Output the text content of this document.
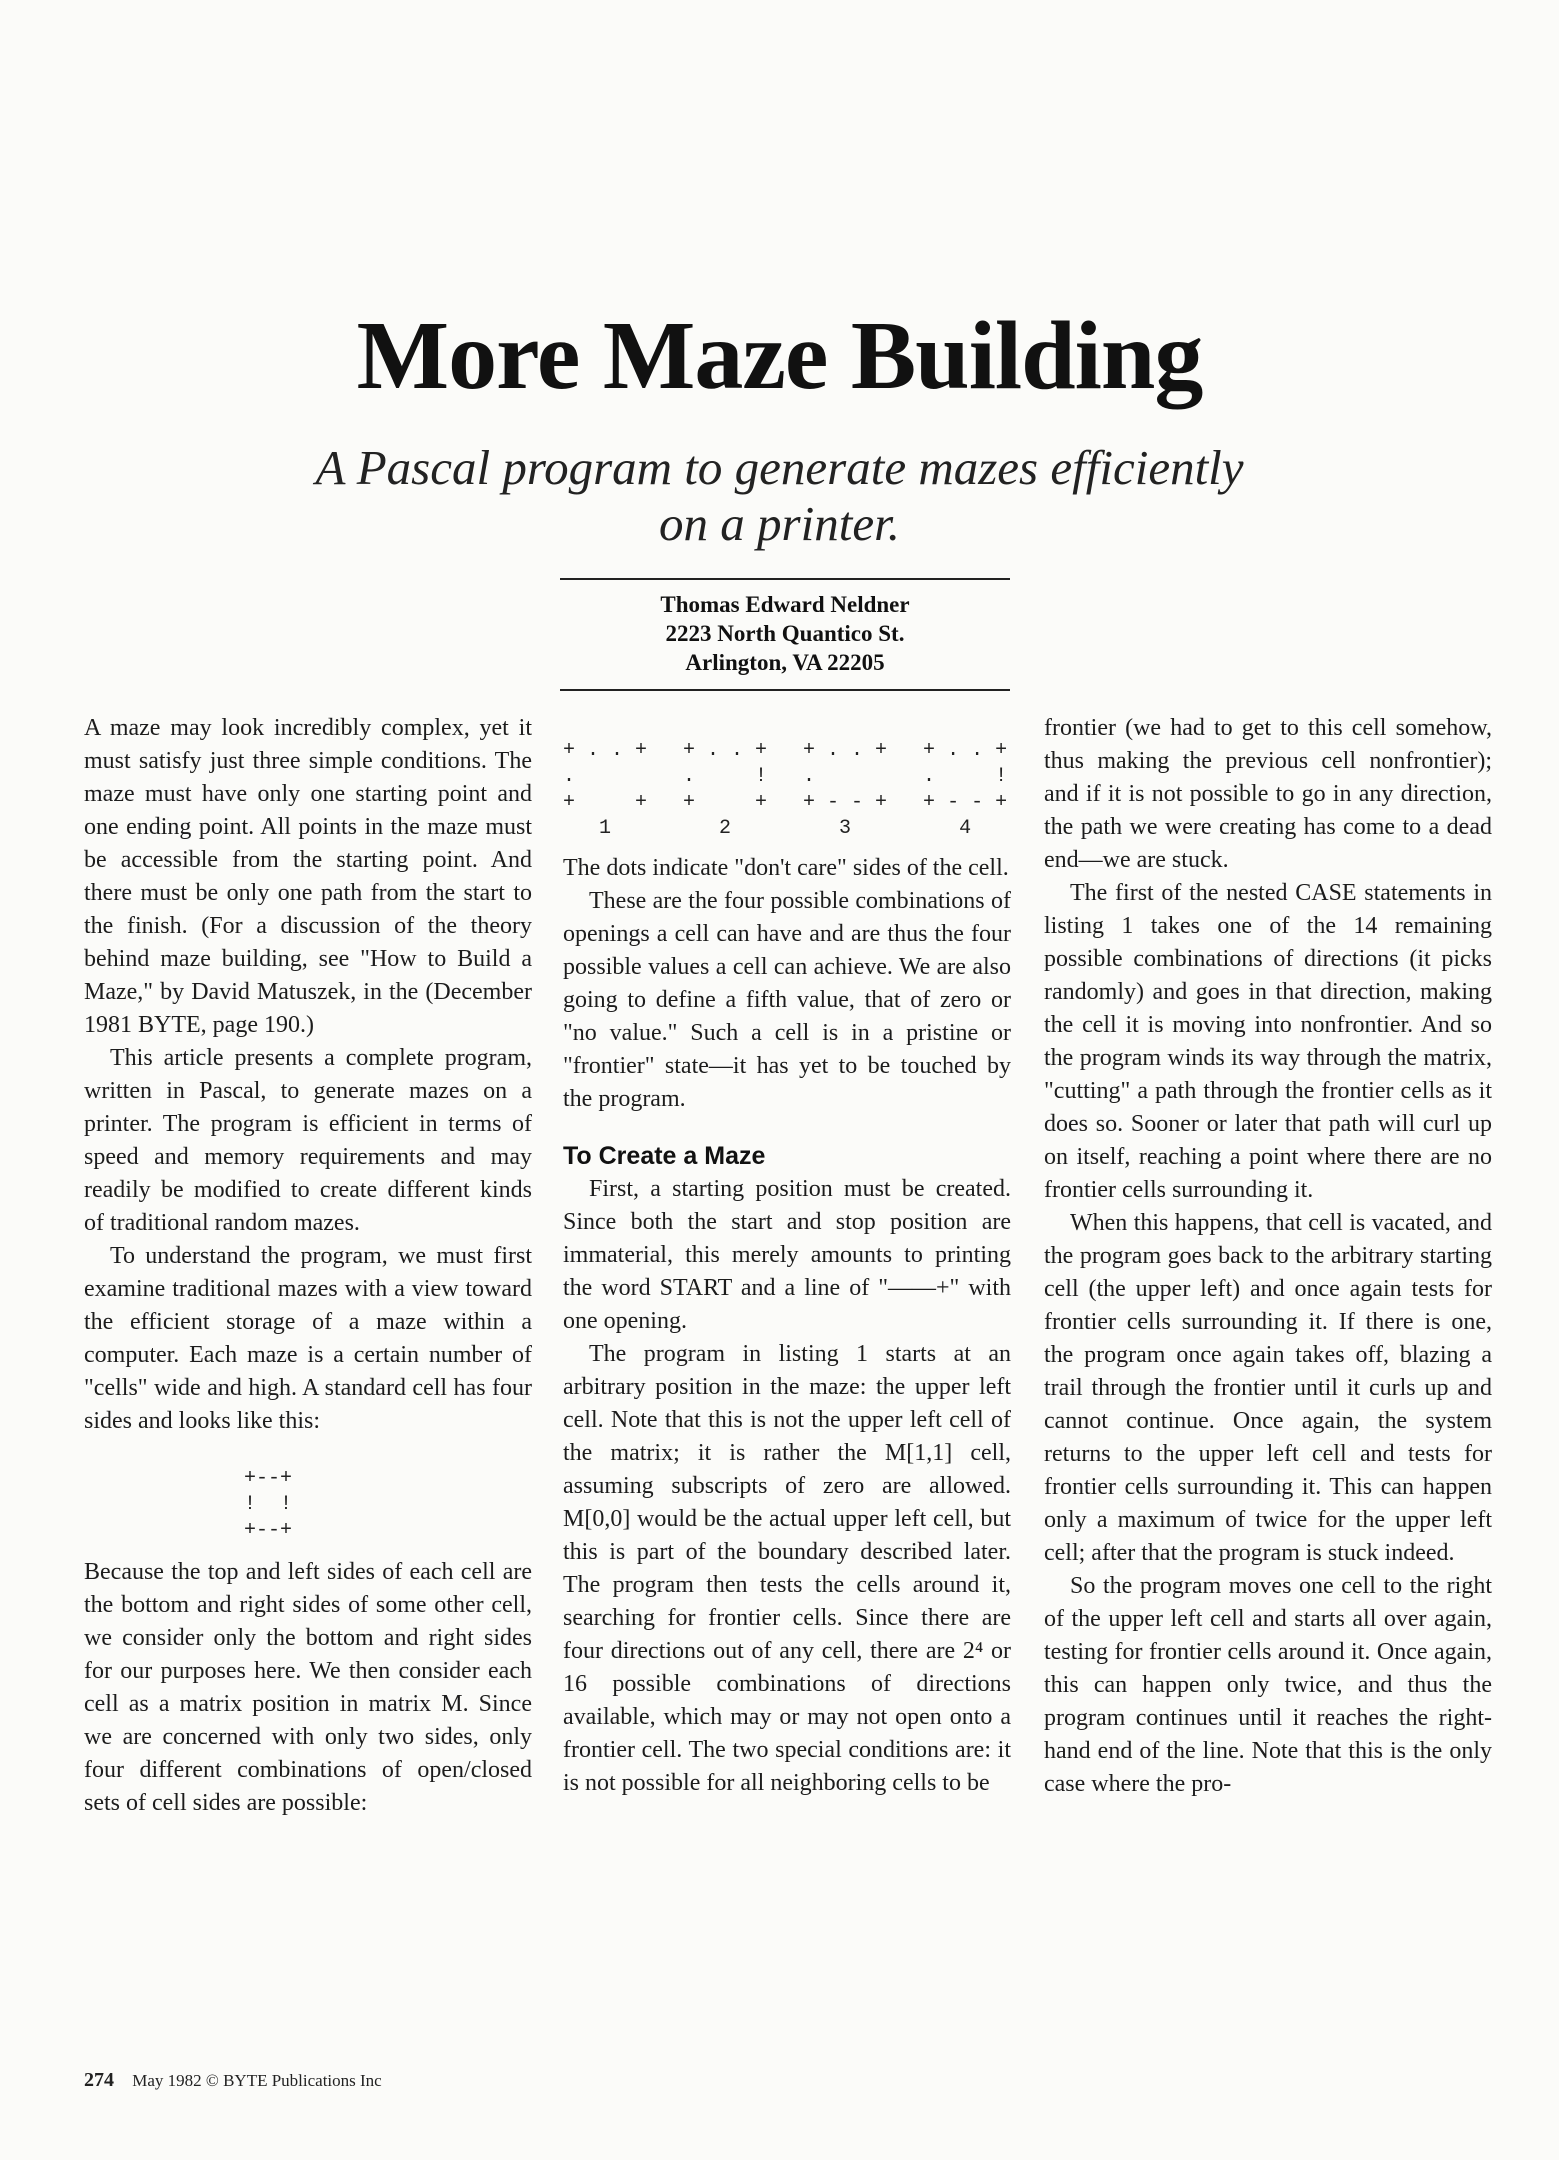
More Maze Building

A Pascal program to generate mazes efficiently on a printer.

Thomas Edward Neldner
2223 North Quantico St.
Arlington, VA 22205

A maze may look incredibly complex, yet it must satisfy just three simple conditions. The maze must have only one starting point and one ending point. All points in the maze must be accessible from the starting point. And there must be only one path from the start to the finish. (For a discussion of the theory behind maze building, see "How to Build a Maze," by David Matuszek, in the (December 1981 BYTE, page 190.)

This article presents a complete program, written in Pascal, to generate mazes on a printer. The program is efficient in terms of speed and memory requirements and may readily be modified to create different kinds of traditional random mazes.

To understand the program, we must first examine traditional mazes with a view toward the efficient storage of a maze within a computer. Each maze is a certain number of "cells" wide and high. A standard cell has four sides and looks like this:

+--+
!  !
+--+

Because the top and left sides of each cell are the bottom and right sides of some other cell, we consider only the bottom and right sides for our purposes here. We then consider each cell as a matrix position in matrix M. Since we are concerned with only two sides, only four different combinations of open/closed sets of cell sides are possible:

+ . . +   + . . +   + . . +   + . . +
.         .     !   .         .     !
+     +   +     +   + - - +   + - - +
1         2         3         4

The dots indicate "don't care" sides of the cell.

These are the four possible combinations of openings a cell can have and are thus the four possible values a cell can achieve. We are also going to define a fifth value, that of zero or "no value." Such a cell is in a pristine or "frontier" state—it has yet to be touched by the program.

To Create a Maze

First, a starting position must be created. Since both the start and stop position are immaterial, this merely amounts to printing the word START and a line of "——+" with one opening.

The program in listing 1 starts at an arbitrary position in the maze: the upper left cell. Note that this is not the upper left cell of the matrix; it is rather the M[1,1] cell, assuming subscripts of zero are allowed. M[0,0] would be the actual upper left cell, but this is part of the boundary described later. The program then tests the cells around it, searching for frontier cells. Since there are four directions out of any cell, there are 2⁴ or 16 possible combinations of directions available, which may or may not open onto a frontier cell. The two special conditions are: it is not possible for all neighboring cells to be

frontier (we had to get to this cell somehow, thus making the previous cell nonfrontier); and if it is not possible to go in any direction, the path we were creating has come to a dead end—we are stuck.

The first of the nested CASE statements in listing 1 takes one of the 14 remaining possible combinations of directions (it picks randomly) and goes in that direction, making the cell it is moving into nonfrontier. And so the program winds its way through the matrix, "cutting" a path through the frontier cells as it does so. Sooner or later that path will curl up on itself, reaching a point where there are no frontier cells surrounding it.

When this happens, that cell is vacated, and the program goes back to the arbitrary starting cell (the upper left) and once again tests for frontier cells surrounding it. If there is one, the program once again takes off, blazing a trail through the frontier until it curls up and cannot continue. Once again, the system returns to the upper left cell and tests for frontier cells surrounding it. This can happen only a maximum of twice for the upper left cell; after that the program is stuck indeed.

So the program moves one cell to the right of the upper left cell and starts all over again, testing for frontier cells around it. Once again, this can happen only twice, and thus the program continues until it reaches the right-hand end of the line. Note that this is the only case where the pro-

274 May 1982 © BYTE Publications Inc
